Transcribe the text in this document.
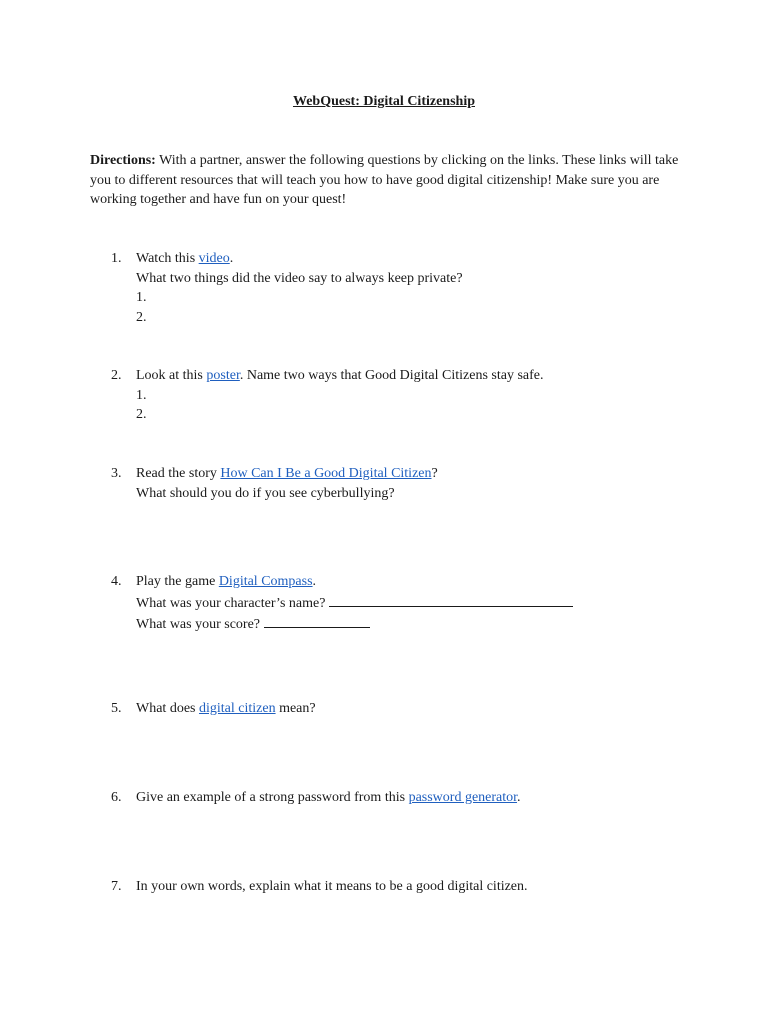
WebQuest: Digital Citizenship
Directions: With a partner, answer the following questions by clicking on the links. These links will take you to different resources that will teach you how to have good digital citizenship! Make sure you are working together and have fun on your quest!
1. Watch this video.
What two things did the video say to always keep private?
1.
2.
2. Look at this poster. Name two ways that Good Digital Citizens stay safe.
1.
2.
3. Read the story How Can I Be a Good Digital Citizen?
What should you do if you see cyberbullying?
4. Play the game Digital Compass.
What was your character’s name?
What was your score?
5. What does digital citizen mean?
6. Give an example of a strong password from this password generator.
7. In your own words, explain what it means to be a good digital citizen.
